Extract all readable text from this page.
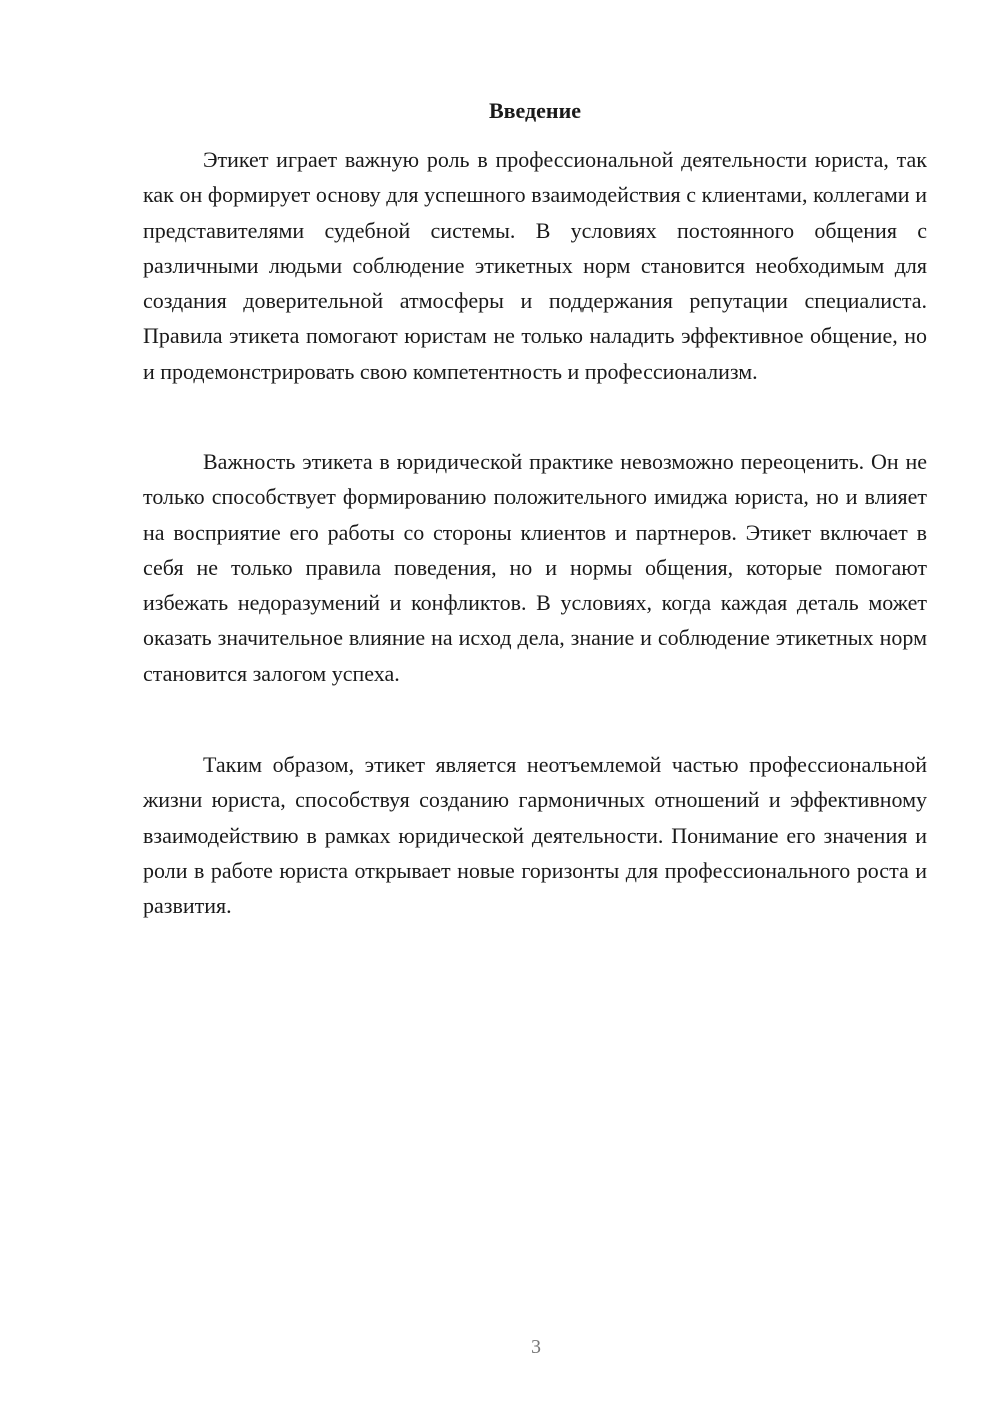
Введение

Этикет играет важную роль в профессиональной деятельности юриста, так как он формирует основу для успешного взаимодействия с клиентами, коллегами и представителями судебной системы. В условиях постоянного общения с различными людьми соблюдение этикетных норм становится необходимым для создания доверительной атмосферы и поддержания репутации специалиста. Правила этикета помогают юристам не только наладить эффективное общение, но и продемонстрировать свою компетентность и профессионализм.

Важность этикета в юридической практике невозможно переоценить. Он не только способствует формированию положительного имиджа юриста, но и влияет на восприятие его работы со стороны клиентов и партнеров. Этикет включает в себя не только правила поведения, но и нормы общения, которые помогают избежать недоразумений и конфликтов. В условиях, когда каждая деталь может оказать значительное влияние на исход дела, знание и соблюдение этикетных норм становится залогом успеха.

Таким образом, этикет является неотъемлемой частью профессиональной жизни юриста, способствуя созданию гармоничных отношений и эффективному взаимодействию в рамках юридической деятельности. Понимание его значения и роли в работе юриста открывает новые горизонты для профессионального роста и развития.

3
